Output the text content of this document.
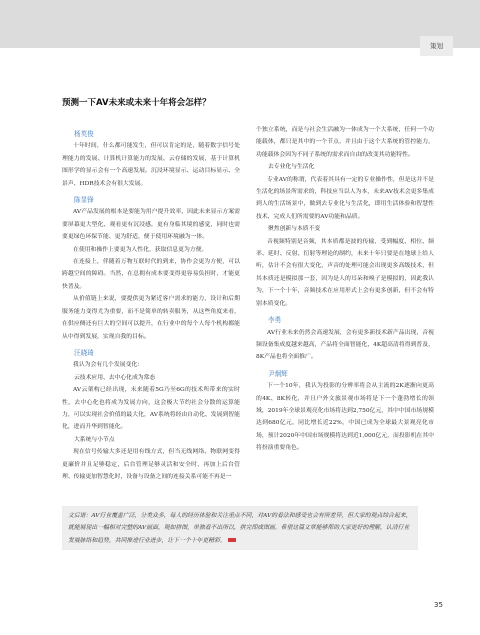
策划
预测一下AV未来或未来十年将会怎样？
杨英俊

十年时间，什么都可能发生，但可以肯定的是，随着数字信号处理能力的发展、计算机计算能力的发展、云存储的发展，基于计算机图形学的显示会有一个高速发展。沉浸环境显示、运动目标显示、全景声、HDR技术会有很大发展。

陈显锋

AV产品发展的根本是要能为用户提升效率，因此未来显示方案需要屏幕更大型化、观看更有沉浸感，更有身临其境的感觉，同时也需要更绿色环保节能、更为舒适，便于使用环境融为一体。

在使用和操作上要更为人性化，获取信息更为方便。

在连接上，伴随着万物互联时代的到来，协作会更为方便，可以跨越空间的障碍。当然，在总拥有成本要变得更容易负担时，才能更快普及。

从价值链上来说，要提供更为紧近客户需求的能力，设计和后期服务能力变得尤为重要，而不是简单的转卖服务，从这些角度来看，在供应侧还有巨大的空间可以提升，在行业中的每个人每个机构都能从中得到发展，实现自我的目标。

汪晓琦

我认为会有几个发展变化：

云技术应用、去中心化成为常态

AV云架构已经出现，未来随着5G乃至6G的技术所带来的实时性，去中心化也将成为发展方向，这会极大节约社会分散的运算能力，可以实现社会价值的最大化，AV系统将经由自动化、发展到智能化，进而升华到智能化。

大系统与小节点

现在信号传输大多还是用有线方式，但当无线网络、物联网变得更廉价并且足够稳定，后台管理足够灵活和安全时，再加上后台管理、传输更加智慧化时，设备与设备之间的连接关系可能不再是一

个独立系统，而是与社会生活融为一体成为一个大系统，任何一个功能载体，都只是其中的一个节点，并且由于这个大系统的管控能力，功能载体会因为不同子系统的需求而自由的改变其功能特性。

去专业化与生活化

专业AV的称谓，代表着其具有一定的专业操作性，但是这并不是生活化的场景所需求的，科技应当以人为本，未来AV技术会更多集成到人的生活场景中，做到去专业化与生活化，即用生活体验和智慧性技术，完成人们所需要的AV功能和品质。

聚焦创新与本质不变

音视频特别是音频，其本质都是波的传输，受到幅度、相位、频率、延时、反射、衍射等理论的制约，未来十年只要是在地球上给人听，估计不会有很大变化，声音的处理可能会出现更多高级技术，但其本质还是模拟那一套，因为是人的耳朵和嗅子是模拟的，因此我认为，下一个十年，音频技术在应用形式上会有更多创新，但不会有特别本质变化。

李勇

AV行业未来仍然会高速发展，会有更多新技术新产品出现，音视频设备集成度越来越高，产品将全面智能化，4K超高清将得到普及，8K产品也将全面推广。

尹炯辉

下一个10年，我认为投影的分辨率将会从主流的2K逐渐向更高的4K、8K转化，并且户外文旅景观市场将是下一个蓬勃增长的领域，2019年全球景观亮化市场将达到2,750亿元，其中中国市场规模达到680亿元，同比增长近22%，中国已成为全球最大景观亮化市场，预计2020年中国市场规模将达到近1,000亿元，而投影机在其中将扮演重要角色。

文后语：AV行业覆盖广泛，分类众多，每人的经历体验和关注重点不同，对AV的看法和感受也会有所差异，但大家的观点综合起来，就能展现出一幅相对完整的AV画面，观如拼图，单独看不出所以，拼完即成图画。希望这篇文章能够帮助大家更好的理解，认清行业发展脉络和趋势，共同推进行业进步，让下一个十年更精彩。

35
